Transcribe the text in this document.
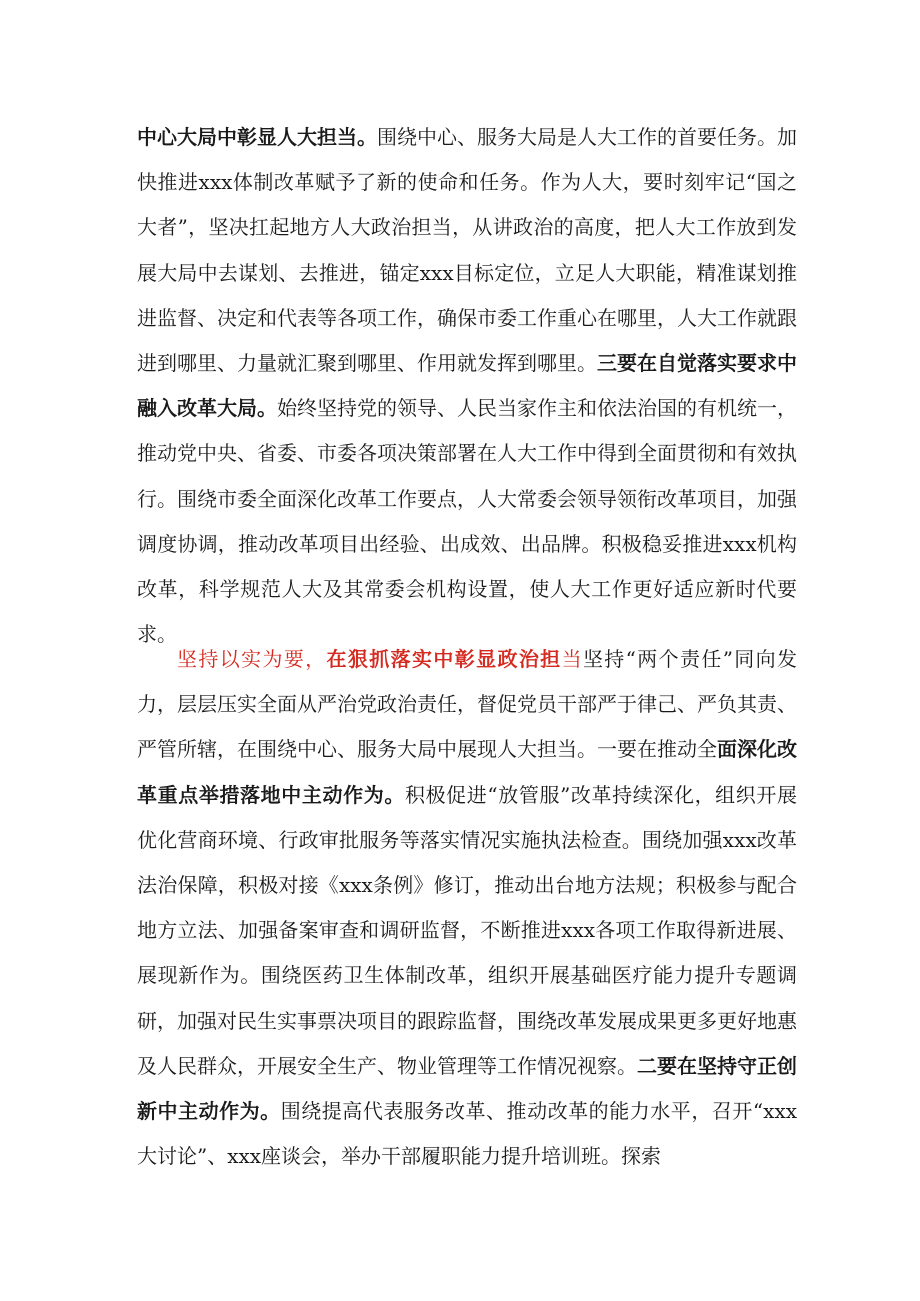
中心大局中彰显人大担当。围绕中心、服务大局是人大工作的首要任务。加快推进xxx体制改革赋予了新的使命和任务。作为人大，要时刻牢记“国之大者”，坚决扛起地方人大政治担当，从讲政治的高度，把人大工作放到发展大局中去谋划、去推进，锚定xxx目标定位，立足人大职能，精准谋划推进监督、决定和代表等各项工作，确保市委工作重心在哪里，人大工作就跟进到哪里、力量就汇聚到哪里、作用就发挥到哪里。三要在自觉落实要求中融入改革大局。始终坚持党的领导、人民当家作主和依法治国的有机统一，推动党中央、省委、市委各项决策部署在人大工作中得到全面贯彻和有效执行。围绕市委全面深化改革工作要点，人大常委会领导领衔改革项目，加强调度协调，推动改革项目出经验、出成效、出品牌。积极稳妥推进xxx机构改革，科学规范人大及其常委会机构设置，使人大工作更好适应新时代要求。

坚持以实为要，在狠抓落实中彰显政治担当坚持“两个责任”同向发力，层层压实全面从严治党政治责任，督促党员干部严于律己、严负其责、严管所辖，在围绕中心、服务大局中展现人大担当。一要在推动全面深化改革重点举措落地中主动作为。积极促进“放管服”改革持续深化，组织开展优化营商环境、行政审批服务等落实情况实施执法检查。围绕加强xxx改革法治保障，积极对接《xxx条例》修订，推动出台地方法规；积极参与配合地方立法、加强备案审查和调研监督，不断推进xxx各项工作取得新进展、展现新作为。围绕医药卫生体制改革，组织开展基础医疗能力提升专题调研，加强对民生实事票决项目的跟踪监督，围绕改革发展成果更多更好地惠及人民群众，开展安全生产、物业管理等工作情况视察。二要在坚持守正创新中主动作为。围绕提高代表服务改革、推动改革的能力水平，召开“xxx大讨论”、xxx座谈会，举办干部履职能力提升培训班。探索
